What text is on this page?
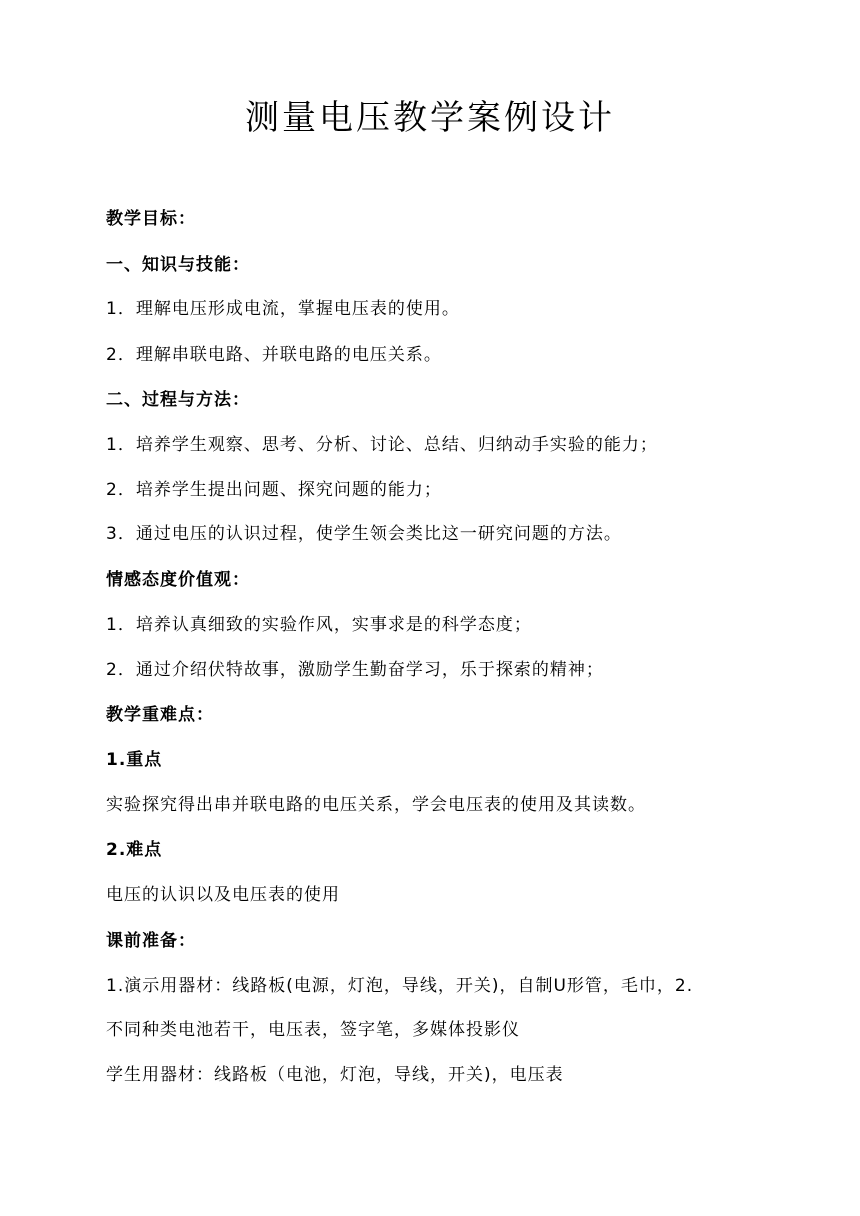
测量电压教学案例设计
教学目标：
一、知识与技能：
1．理解电压形成电流，掌握电压表的使用。
2．理解串联电路、并联电路的电压关系。
二、过程与方法：
1．培养学生观察、思考、分析、讨论、总结、归纳动手实验的能力；
2．培养学生提出问题、探究问题的能力；
3．通过电压的认识过程，使学生领会类比这一研究问题的方法。
情感态度价值观：
1．培养认真细致的实验作风，实事求是的科学态度；
2．通过介绍伏特故事，激励学生勤奋学习，乐于探索的精神；
教学重难点：
1.重点
实验探究得出串并联电路的电压关系，学会电压表的使用及其读数。
2.难点
电压的认识以及电压表的使用
课前准备：
1.演示用器材：线路板(电源，灯泡，导线，开关)，自制U形管，毛巾，2.
不同种类电池若干，电压表，签字笔，多媒体投影仪
学生用器材：线路板（电池，灯泡，导线，开关)，电压表
